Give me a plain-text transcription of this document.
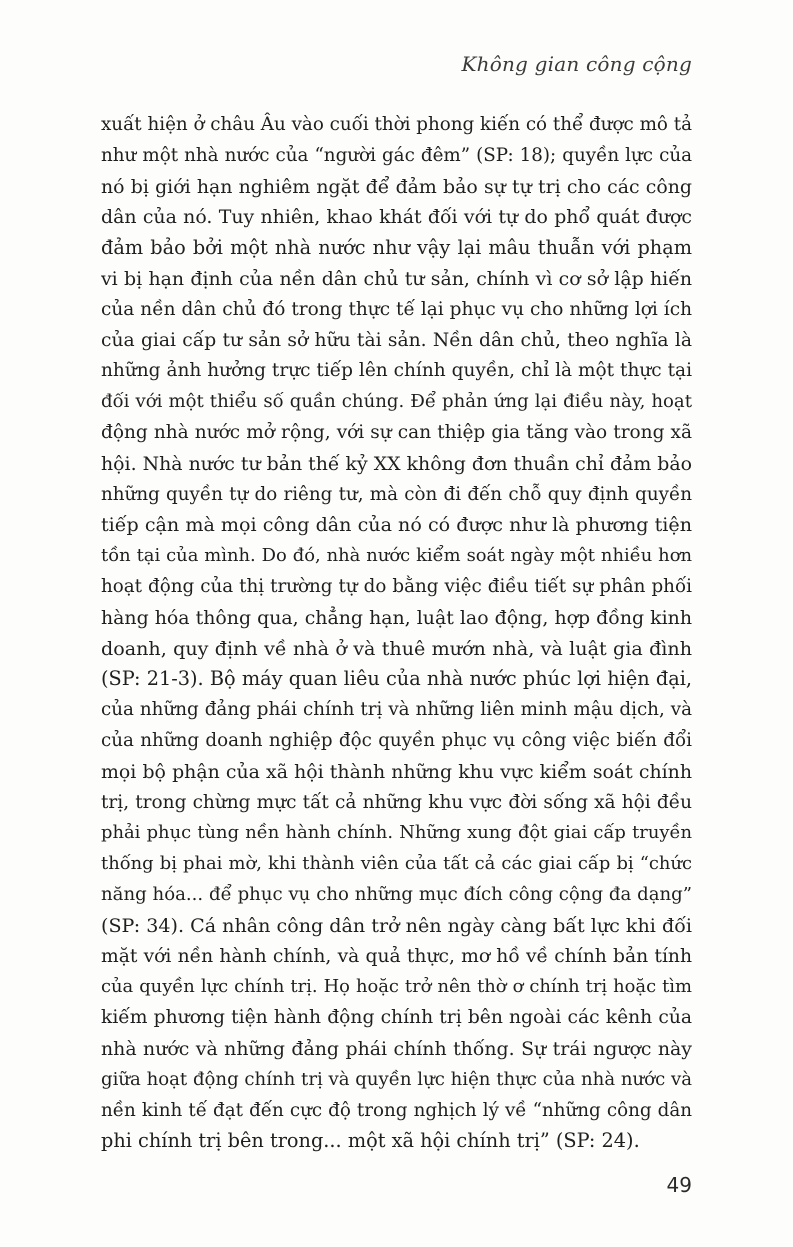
Không gian công cộng
xuất hiện ở châu Âu vào cuối thời phong kiến có thể được mô tả
như một nhà nước của “người gác đêm” (SP: 18); quyền lực của
nó bị giới hạn nghiêm ngặt để đảm bảo sự tự trị cho các công
dân của nó. Tuy nhiên, khao khát đối với tự do phổ quát được
đảm bảo bởi một nhà nước như vậy lại mâu thuẫn với phạm
vi bị hạn định của nền dân chủ tư sản, chính vì cơ sở lập hiến
của nền dân chủ đó trong thực tế lại phục vụ cho những lợi ích
của giai cấp tư sản sở hữu tài sản. Nền dân chủ, theo nghĩa là
những ảnh hưởng trực tiếp lên chính quyền, chỉ là một thực tại
đối với một thiểu số quần chúng. Để phản ứng lại điều này, hoạt
động nhà nước mở rộng, với sự can thiệp gia tăng vào trong xã
hội. Nhà nước tư bản thế kỷ XX không đơn thuần chỉ đảm bảo
những quyền tự do riêng tư, mà còn đi đến chỗ quy định quyền
tiếp cận mà mọi công dân của nó có được như là phương tiện
tồn tại của mình. Do đó, nhà nước kiểm soát ngày một nhiều hơn
hoạt động của thị trường tự do bằng việc điều tiết sự phân phối
hàng hóa thông qua, chẳng hạn, luật lao động, hợp đồng kinh
doanh, quy định về nhà ở và thuê mướn nhà, và luật gia đình
(SP: 21-3). Bộ máy quan liêu của nhà nước phúc lợi hiện đại,
của những đảng phái chính trị và những liên minh mậu dịch, và
của những doanh nghiệp độc quyền phục vụ công việc biến đổi
mọi bộ phận của xã hội thành những khu vực kiểm soát chính
trị, trong chừng mực tất cả những khu vực đời sống xã hội đều
phải phục tùng nền hành chính. Những xung đột giai cấp truyền
thống bị phai mờ, khi thành viên của tất cả các giai cấp bị “chức
năng hóa... để phục vụ cho những mục đích công cộng đa dạng”
(SP: 34). Cá nhân công dân trở nên ngày càng bất lực khi đối
mặt với nền hành chính, và quả thực, mơ hồ về chính bản tính
của quyền lực chính trị. Họ hoặc trở nên thờ ơ chính trị hoặc tìm
kiếm phương tiện hành động chính trị bên ngoài các kênh của
nhà nước và những đảng phái chính thống. Sự trái ngược này
giữa hoạt động chính trị và quyền lực hiện thực của nhà nước và
nền kinh tế đạt đến cực độ trong nghịch lý về “những công dân
phi chính trị bên trong... một xã hội chính trị” (SP: 24).
49
